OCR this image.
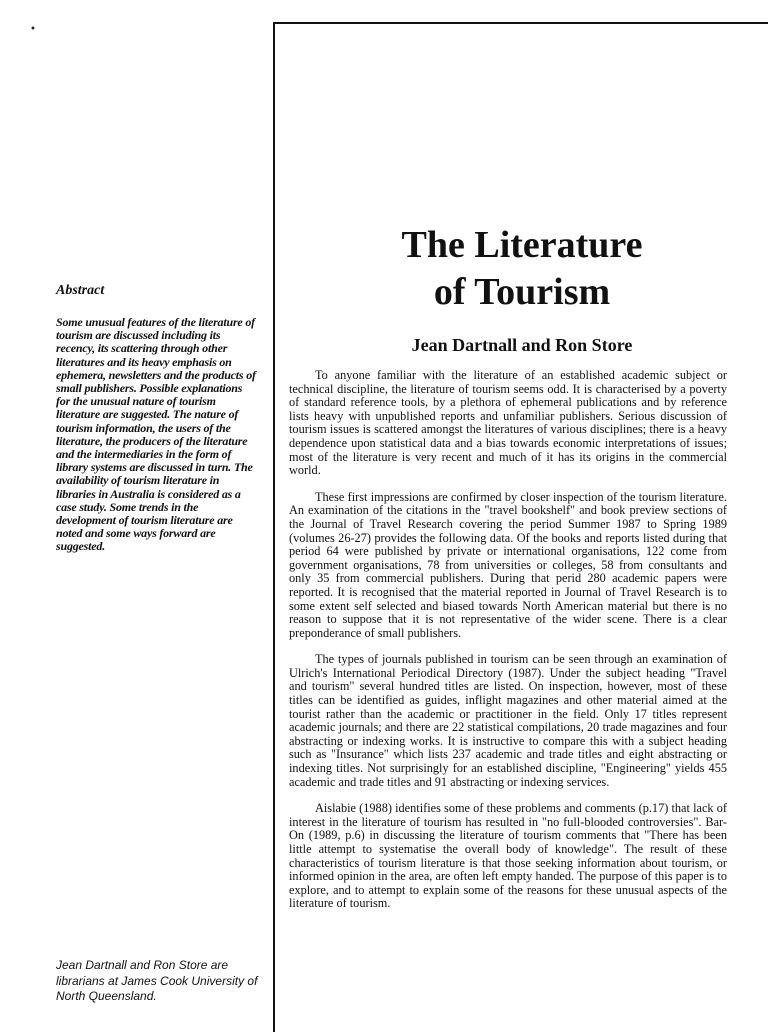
•
Abstract
Some unusual features of the literature of tourism are discussed including its recency, its scattering through other literatures and its heavy emphasis on ephemera, newsletters and the products of small publishers. Possible explanations for the unusual nature of tourism literature are suggested. The nature of tourism information, the users of the literature, the producers of the literature and the intermediaries in the form of library systems are discussed in turn. The availability of tourism literature in libraries in Australia is considered as a case study. Some trends in the development of tourism literature are noted and some ways forward are suggested.
Jean Dartnall and Ron Store are librarians at James Cook University of North Queensland.
The Literature
of Tourism
Jean Dartnall and Ron Store

To anyone familiar with the literature of an established academic subject or technical discipline, the literature of tourism seems odd. It is characterised by a poverty of standard reference tools, by a plethora of ephemeral publications and by reference lists heavy with unpublished reports and unfamiliar publishers. Serious discussion of tourism issues is scattered amongst the literatures of various disciplines; there is a heavy dependence upon statistical data and a bias towards economic interpretations of issues; most of the literature is very recent and much of it has its origins in the commercial world.

These first impressions are confirmed by closer inspection of the tourism literature. An examination of the citations in the "travel bookshelf" and book preview sections of the Journal of Travel Research covering the period Summer 1987 to Spring 1989 (volumes 26-27) provides the following data. Of the books and reports listed during that period 64 were published by private or international organisations, 122 come from government organisations, 78 from universities or colleges, 58 from consultants and only 35 from commercial publishers. During that perid 280 academic papers were reported. It is recognised that the material reported in Journal of Travel Research is to some extent self selected and biased towards North American material but there is no reason to suppose that it is not representative of the wider scene. There is a clear preponderance of small publishers.

The types of journals published in tourism can be seen through an examination of Ulrich's International Periodical Directory (1987). Under the subject heading "Travel and tourism" several hundred titles are listed. On inspection, however, most of these titles can be identified as guides, inflight magazines and other material aimed at the tourist rather than the academic or practitioner in the field. Only 17 titles represent academic journals; and there are 22 statistical compilations, 20 trade magazines and four abstracting or indexing works. It is instructive to compare this with a subject heading such as "Insurance" which lists 237 academic and trade titles and eight abstracting or indexing titles. Not surprisingly for an established discipline, "Engineering" yields 455 academic and trade titles and 91 abstracting or indexing services.

Aislabie (1988) identifies some of these problems and comments (p.17) that lack of interest in the literature of tourism has resulted in "no full-blooded controversies". Bar-On (1989, p.6) in discussing the literature of tourism comments that "There has been little attempt to systematise the overall body of knowledge". The result of these characteristics of tourism literature is that those seeking information about tourism, or informed opinion in the area, are often left empty handed. The purpose of this paper is to explore, and to attempt to explain some of the reasons for these unusual aspects of the literature of tourism.
